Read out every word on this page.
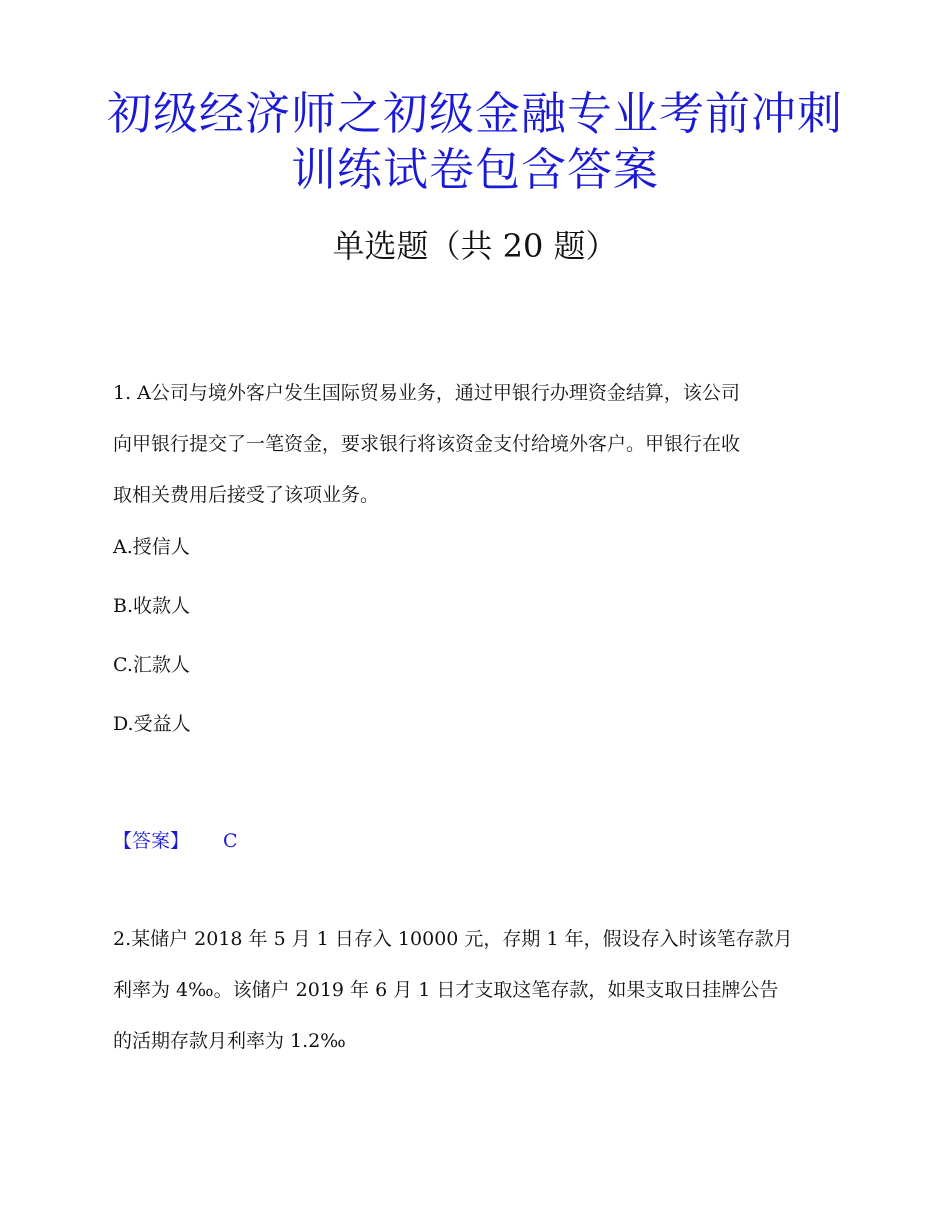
初级经济师之初级金融专业考前冲刺
训练试卷包含答案
单选题（共 20 题）
1. A公司与境外客户发生国际贸易业务，通过甲银行办理资金结算，该公司
向甲银行提交了一笔资金，要求银行将该资金支付给境外客户。甲银行在收
取相关费用后接受了该项业务。
A.授信人
B.收款人
C.汇款人
D.受益人
【答案】 C
2.某储户 2018 年 5 月 1 日存入 10000 元，存期 1 年，假设存入时该笔存款月
利率为 4‰。该储户 2019 年 6 月 1 日才支取这笔存款，如果支取日挂牌公告
的活期存款月利率为 1.2‰
